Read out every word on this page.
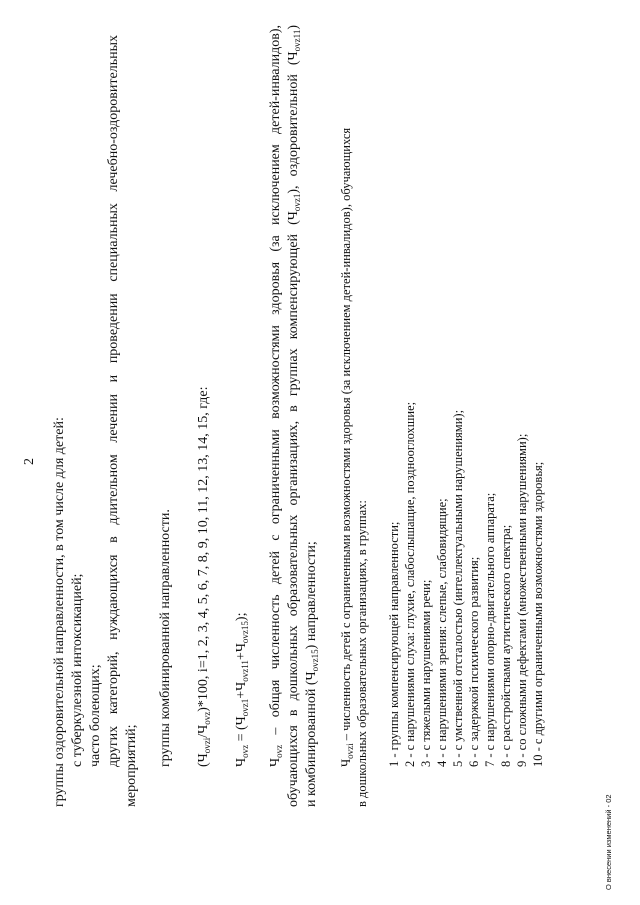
2 группы оздоровительной направленности, в том числе для детей: с туберкулезной интоксикацией; часто болеющих; других категорий, нуждающихся в длительном лечении и проведении специальных лечебно-оздоровительных мероприятий; группы комбинированной направленности. $(Ч_{ovzi}/Ч_{ovz})*100$, i=1, 2, 3, 4, 5, 6, 7, 8, 9, 10, 11, 12, 13, 14, 15, где:
$Ч_{ovz} = (Ч_{ovz1}+Ч_{ovz11}+Ч_{ovz15})$;
$Ч_{ovz}$ – общая численность детей с ограниченными возможностями здоровья (за исключением детей-инвалидов), обучающихся в дошкольных образовательных организациях, в группах компенсирующей $(Ч_{ovz1})$, оздоровительной $(Ч_{ovz11})$
и комбинированной $(Ч_{ovz15})$ направленности;
$Ч_{ovzi}$ – численность детей с ограниченными возможностями здоровья (за исключением детей-инвалидов), обучающихся в дошкольных образовательных организациях, в группах: 1 - группы компенсирующей направленности;
2 - с нарушениями слуха: глухие, слабослышащие, позднооглохшие;
3 - с тяжелыми нарушениями речи;
4 - с нарушениями зрения: слепые, слабовидящие;
5 - с умственной отсталостью (интеллектуальными нарушениями);
6 - с задержкой психического развития;
7 - с нарушениями опорно-двигательного аппарата;
8 - с расстройствами аутистического спектра;
9 - со сложными дефектами (множественными нарушениями); 10 - с другими ограниченными возможностями здоровья;
О внесении изменений - 02
